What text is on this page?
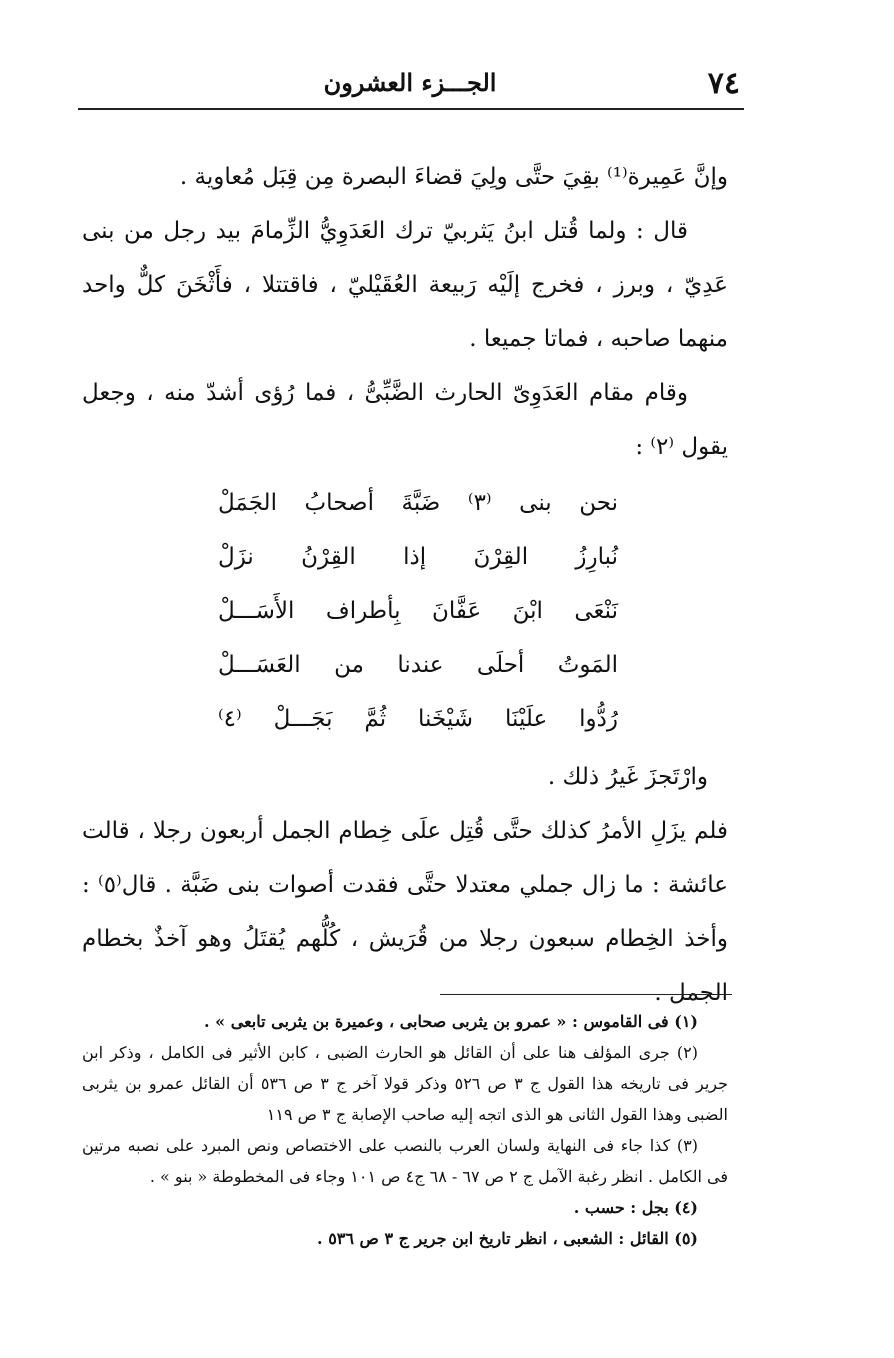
٧٤
الجـــزء العشرون

وإنَّ عَمِيرة⁽¹⁾ بقِيَ حتَّى ولِيَ قضاءَ البصرة مِن قِبَل مُعاوية .

قال : ولما قُتل ابنُ يَثربيّ ترك العَدَوِيُّ الزِّمامَ بيد رجل من بنى عَدِيّ ، وبرز ، فخرج إلَيْه رَبيعة العُقَيْليّ ، فاقتتلا ، فأَثْخَنَ كلٌّ واحد منهما صاحبه ، فماتا جميعا .

وقام مقام العَدَوِىّ الحارث الضَّبِّىُّ ، فما رُؤى أشدّ منه ، وجعل يقول ⁽٢⁾ :

نحن بنى ⁽٣⁾ ضَبَّةَ أصحابُ الجَمَلْ
نُبارِزُ القِرْنَ إذا القِرْنُ نزَلْ
نَنْعَى ابْنَ عَفَّانَ بِأطراف الأَسَـــلْ
المَوتُ أحلَى عندنا من العَسَـــلْ
رُدُّوا علَيْنَا شَيْخَنا ثُمَّ بَجَـــلْ ⁽٤⁾

وارْتَجزَ غَيرُ ذلك .

فلم يزَلِ الأمرُ كذلك حتَّى قُتِل علَى خِطام الجمل أربعون رجلا ، قالت عائشة : ما زال جملي معتدلا حتَّى فقدت أصوات بنى ضَبَّة . قال⁽٥⁾ : وأخذ الخِطام سبعون رجلا من قُرَيش ، كُلُّهم يُقتَلُ وهو آخذٌ بخطام الجمل .

(١) فى القاموس : « عمرو بن يثربى صحابى ، وعميرة بن يثربى تابعى » .

(٢) جرى المؤلف هنا على أن القائل هو الحارث الضبى ، كابن الأثير فى الكامل ، وذكر ابن جرير فى تاريخه هذا القول ج ٣ ص ٥٢٦ وذكر قولا آخر ج ٣ ص ٥٣٦ أن القائل عمرو بن يثربى الضبى وهذا القول الثانى هو الذى اتجه إليه صاحب الإصابة ج ٣ ص ١١٩

(٣) كذا جاء فى النهاية ولسان العرب بالنصب على الاختصاص ونص المبرد على نصبه مرتين فى الكامل . انظر رغبة الآمل ج ٢ ص ٦٧ - ٦٨ ج٤ ص ١٠١ وجاء فى المخطوطة « بنو » .

(٤) بجل : حسب .

(٥) القائل : الشعبى ، انظر تاريخ ابن جرير ج ٣ ص ٥٣٦ .
